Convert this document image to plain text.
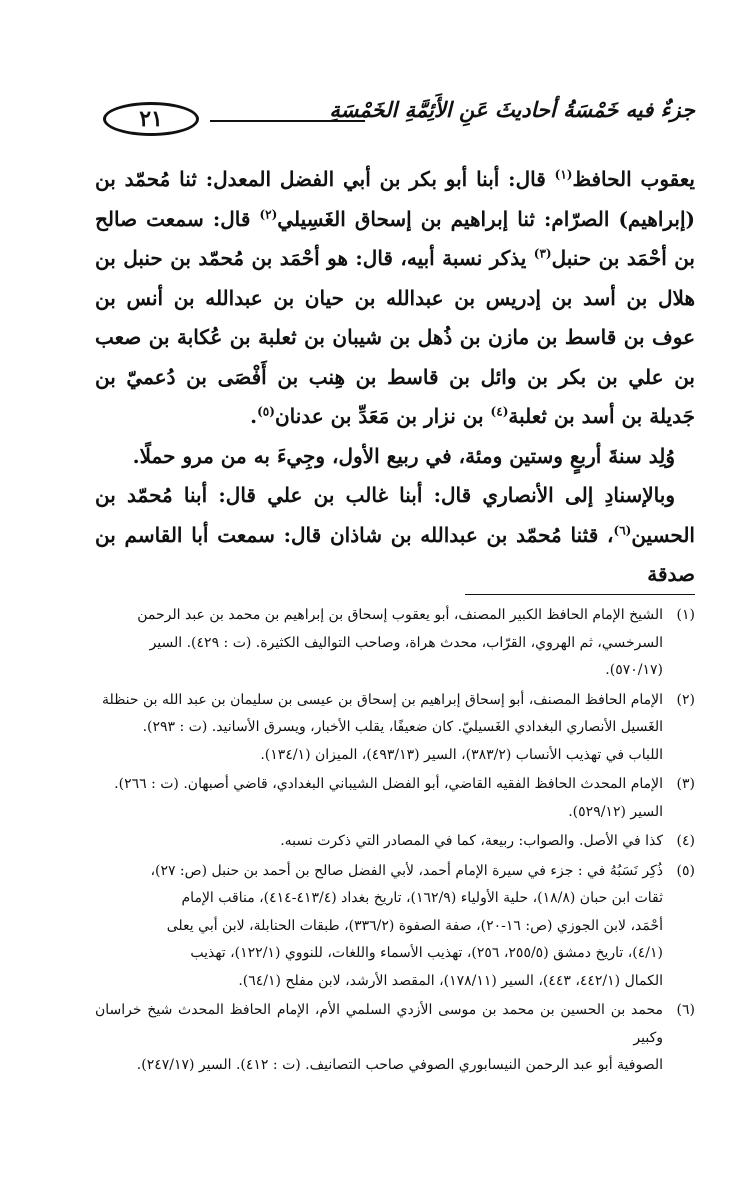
جزءٌ فيه خَمْسَةُ أحاديثَ عَنِ الأَئِمَّةِ الخَمْسَةِ
٢١

يعقوب الحافظ$^{(١)}$ قال: أبنا أبو بكر بن أبي الفضل المعدل: ثنا مُحمّد بن (إبراهيم) الصرّام: ثنا إبراهيم بن إسحاق الغَسِيلي$^{(٢)}$ قال: سمعت صالح بن أحْمَد بن حنبل$^{(٣)}$ يذكر نسبة أبيه، قال: هو أحْمَد بن مُحمّد بن حنبل بن هلال بن أسد بن إدريس بن عبدالله بن حيان بن عبدالله بن أنس بن عوف بن قاسط بن مازن بن ذُهل بن شيبان بن ثعلبة بن عُكابة بن صعب بن علي بن بكر بن وائل بن قاسط بن هِنب بن أَفْصَى بن دُعميّ بن جَديلة بن أسد بن ثعلبة$^{(٤)}$ بن نزار بن مَعَدِّ بن عدنان$^{(٥)}$.

وُلِد سنةَ أربعٍ وستين ومئة، في ربيع الأول، وجِيءَ به من مرو حملًا.

وبالإسنادِ إلى الأنصاري قال: أبنا غالب بن علي قال: أبنا مُحمّد بن الحسين$^{(٦)}$، قثنا مُحمّد بن عبدالله بن شاذان قال: سمعت أبا القاسم بن صدقة

(١)
الشيخ الإمام الحافظ الكبير المصنف، أبو يعقوب إسحاق بن إبراهيم بن محمد بن عبد الرحمن
السرخسي، ثم الهروي، القرّاب، محدث هراة، وصاحب التواليف الكثيرة. (ت : ٤٢٩). السير
(٥٧٠/١٧).
(٢)
الإمام الحافظ المصنف، أبو إسحاق إبراهيم بن إسحاق بن عيسى بن سليمان بن عبد الله بن حنظلة
الغَسيل الأنصاري البغدادي الغَسيليّ. كان ضعيفًا، يقلب الأخبار، ويسرق الأسانيد. (ت : ٢٩٣).
اللباب في تهذيب الأنساب (٣٨٣/٢)، السير (٤٩٣/١٣)، الميزان (١٣٤/١).
(٣)
الإمام المحدث الحافظ الفقيه القاضي، أبو الفضل الشيباني البغدادي، قاضي أصبهان. (ت : ٢٦٦).
السير (٥٢٩/١٢).
(٤)
كذا في الأصل. والصواب: ربيعة، كما في المصادر التي ذكرت نسبه.
(٥)
ذُكِر نَسَبُهُ في : جزء في سيرة الإمام أحمد، لأبي الفضل صالح بن أحمد بن حنبل (ص: ٢٧)،
ثقات ابن حبان (١٨/٨)، حلية الأولياء (١٦٢/٩)، تاريخ بغداد (٤١٣/٤-٤١٤)، مناقب الإمام
أحْمَد، لابن الجوزي (ص: ١٦-٢٠)، صفة الصفوة (٣٣٦/٢)، طبقات الحنابلة، لابن أبي يعلى
(٤/١)، تاريخ دمشق (٢٥٥/٥، ٢٥٦)، تهذيب الأسماء واللغات، للنووي (١٢٢/١)، تهذيب
الكمال (٤٤٢/١، ٤٤٣)، السير (١٧٨/١١)، المقصد الأرشد، لابن مفلح (٦٤/١).
(٦)
محمد بن الحسين بن محمد بن موسى الأزدي السلمي الأم، الإمام الحافظ المحدث شيخ خراسان وكبير
الصوفية أبو عبد الرحمن النيسابوري الصوفي صاحب التصانيف. (ت : ٤١٢). السير (٢٤٧/١٧).
